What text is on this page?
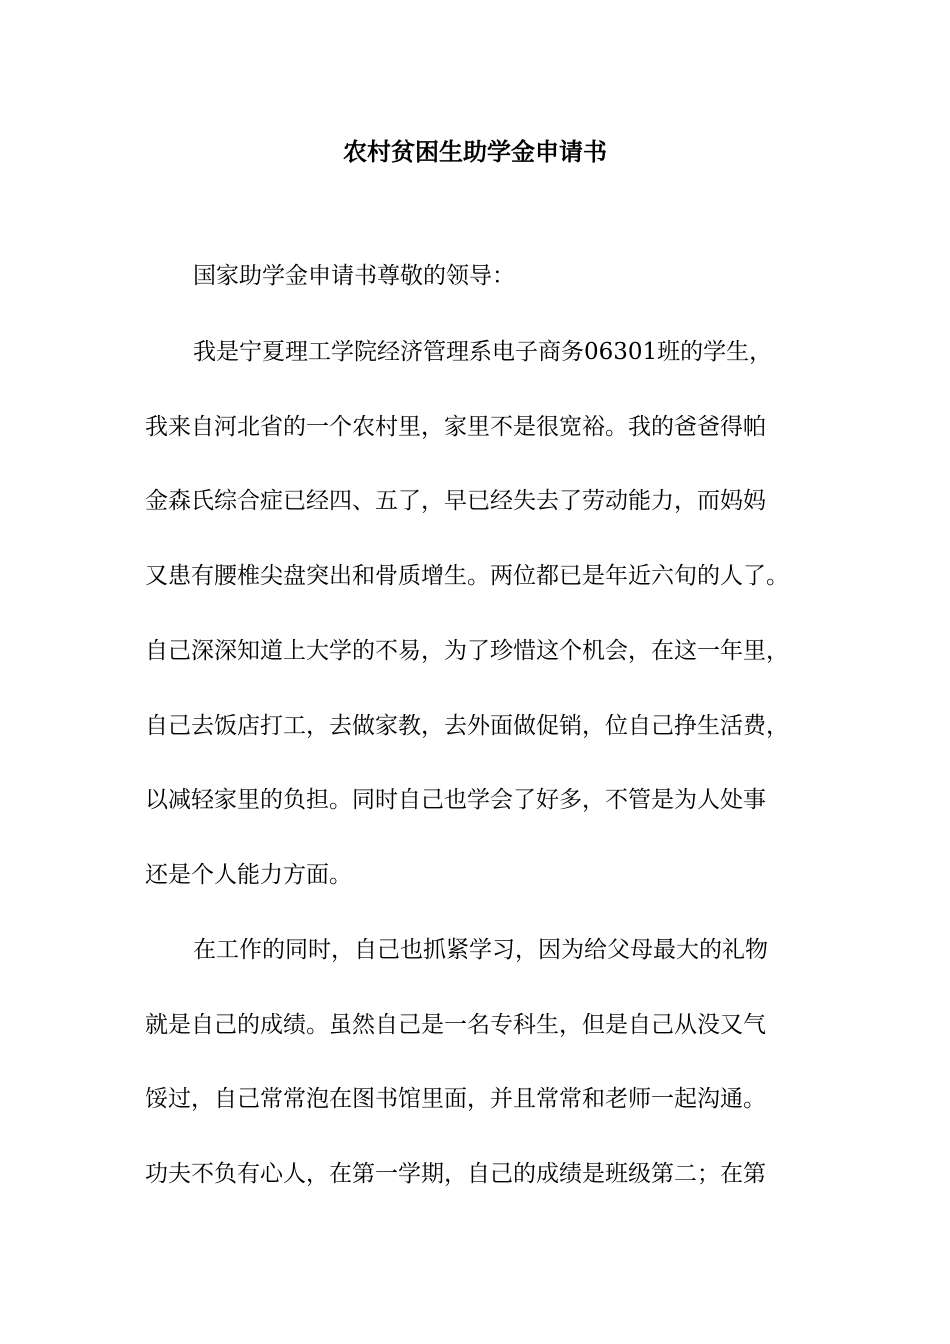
农村贫困生助学金申请书
国家助学金申请书尊敬的领导：
我是宁夏理工学院经济管理系电子商务06301班的学生，
我来自河北省的一个农村里，家里不是很宽裕。我的爸爸得帕
金森氏综合症已经四、五了，早已经失去了劳动能力，而妈妈
又患有腰椎尖盘突出和骨质增生。两位都已是年近六旬的人了。
自己深深知道上大学的不易，为了珍惜这个机会，在这一年里，
自己去饭店打工，去做家教，去外面做促销，位自己挣生活费，
以减轻家里的负担。同时自己也学会了好多，不管是为人处事
还是个人能力方面。
在工作的同时，自己也抓紧学习，因为给父母最大的礼物
就是自己的成绩。虽然自己是一名专科生，但是自己从没又气
馁过，自己常常泡在图书馆里面，并且常常和老师一起沟通。
功夫不负有心人，在第一学期，自己的成绩是班级第二；在第
